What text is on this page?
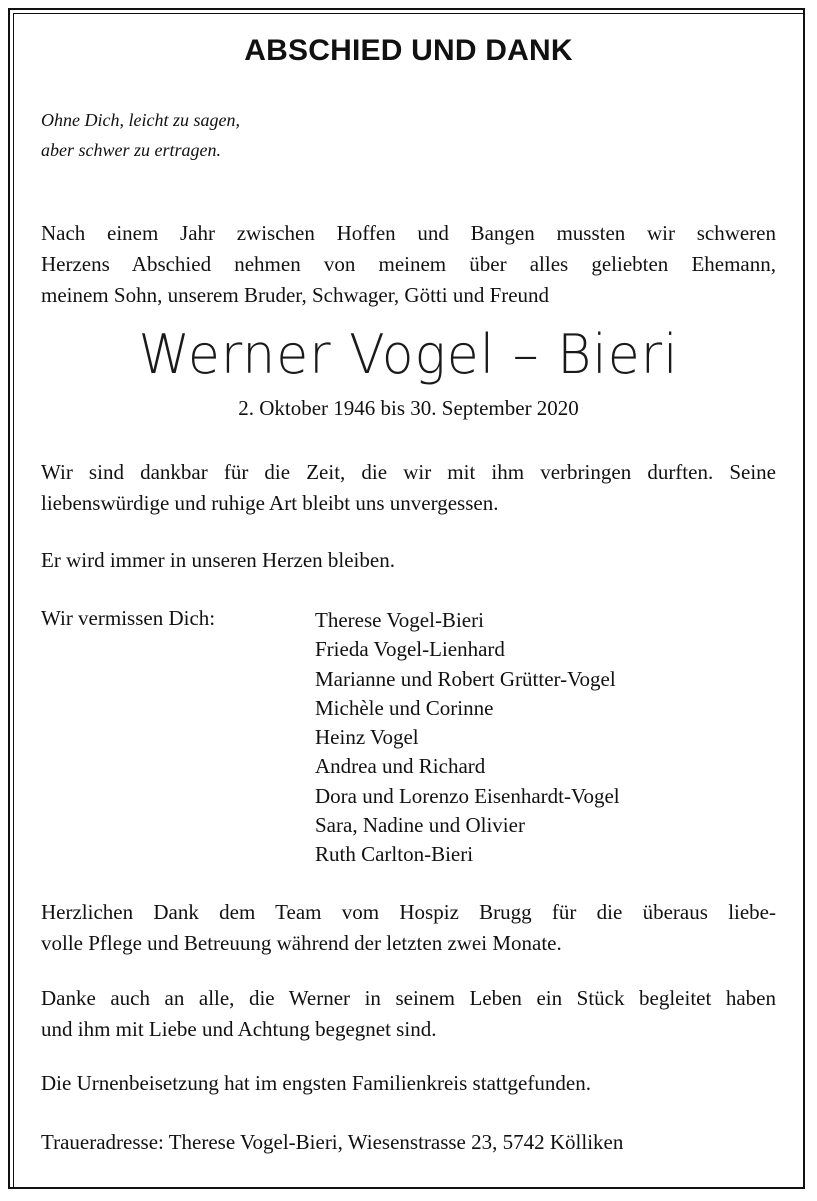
ABSCHIED UND DANK
Ohne Dich, leicht zu sagen,
aber schwer zu ertragen.
Nach einem Jahr zwischen Hoffen und Bangen mussten wir schweren
Herzens Abschied nehmen von meinem über alles geliebten Ehemann,
meinem Sohn, unserem Bruder, Schwager, Götti und Freund
Werner Vogel – Bieri
2. Oktober 1946 bis 30. September 2020
Wir sind dankbar für die Zeit, die wir mit ihm verbringen durften. Seine
liebenswürdige und ruhige Art bleibt uns unvergessen.
Er wird immer in unseren Herzen bleiben.
Wir vermissen Dich:	Therese Vogel-Bieri
Frieda Vogel-Lienhard
Marianne und Robert Grütter-Vogel
Michèle und Corinne
Heinz Vogel
Andrea und Richard
Dora und Lorenzo Eisenhardt-Vogel
Sara, Nadine und Olivier
Ruth Carlton-Bieri
Herzlichen Dank dem Team vom Hospiz Brugg für die überaus liebe-
volle Pflege und Betreuung während der letzten zwei Monate.
Danke auch an alle, die Werner in seinem Leben ein Stück begleitet haben
und ihm mit Liebe und Achtung begegnet sind.
Die Urnenbeisetzung hat im engsten Familienkreis stattgefunden.
Traueradresse: Therese Vogel-Bieri, Wiesenstrasse 23, 5742 Kölliken
